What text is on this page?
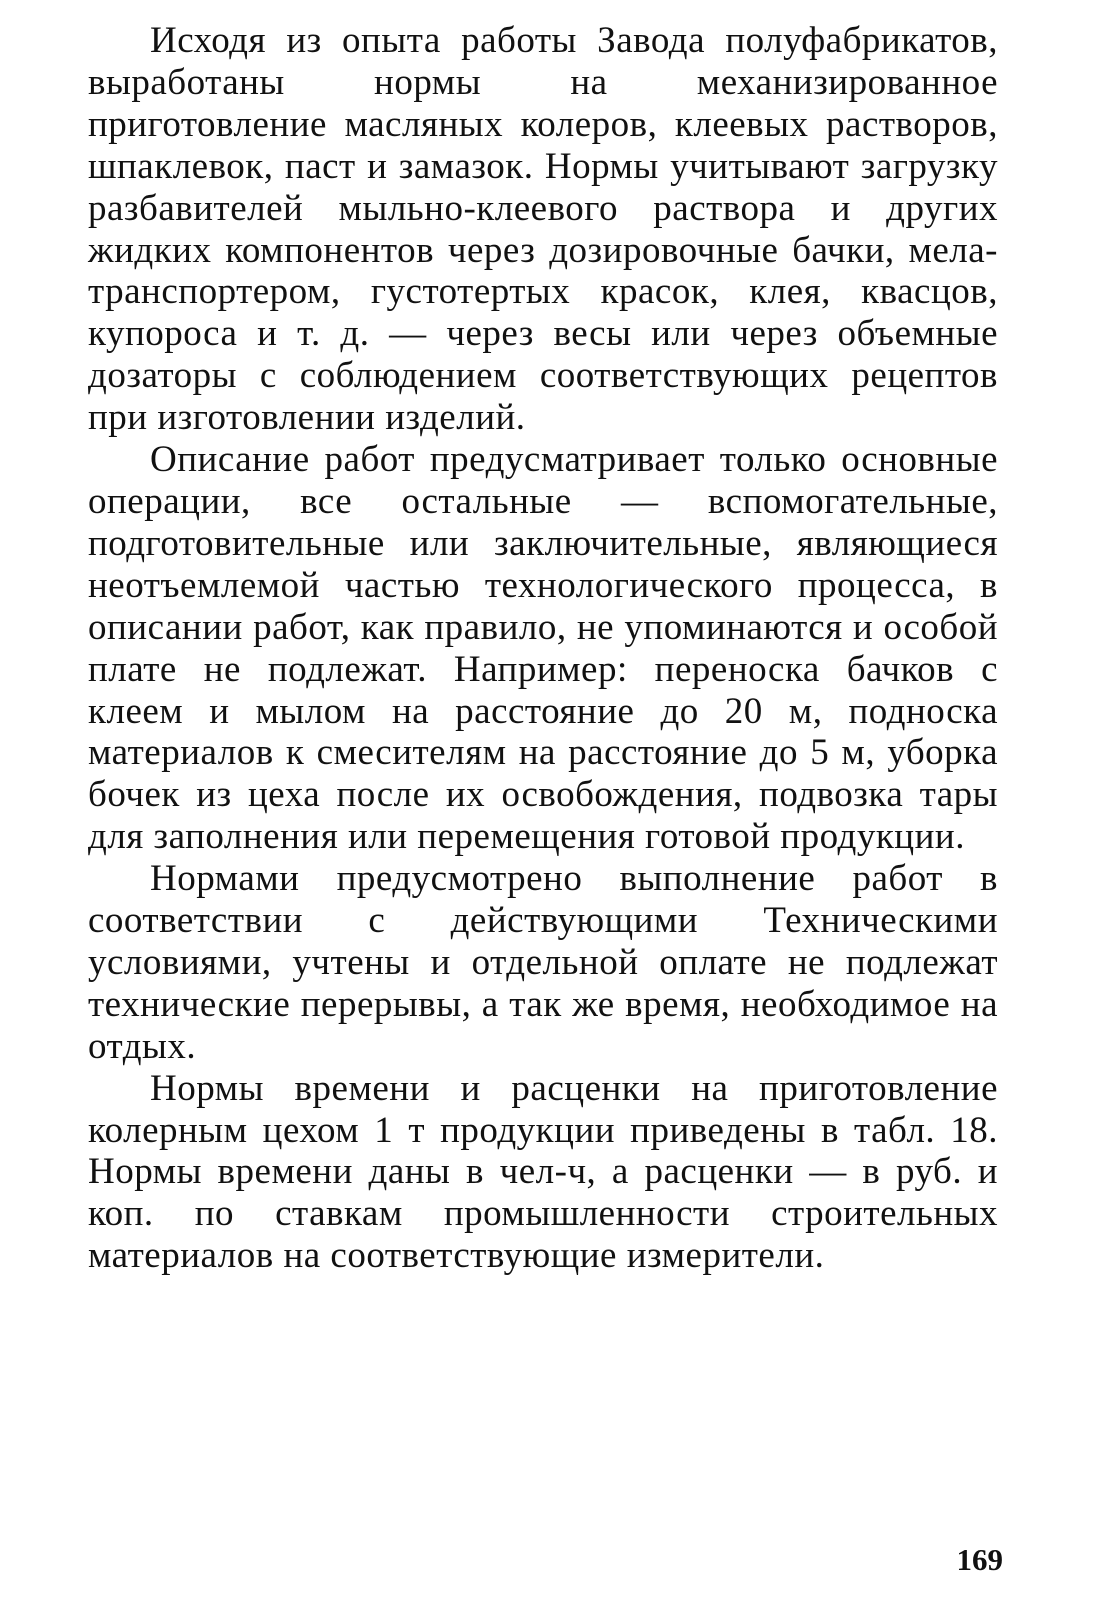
Исходя из опыта работы Завода полуфабрикатов, выработаны нормы на механизированное приготовление масляных колеров, клеевых растворов, шпаклевок, паст и замазок. Нормы учитывают загрузку разбавителей мыльно-клеевого раствора и других жидких компонентов через дозировочные бачки, мела-транспортером, густотертых красок, клея, квасцов, купороса и т. д. — через весы или через объемные дозаторы с соблюдением соответствующих рецептов при изготовлении изделий.

Описание работ предусматривает только основные операции, все остальные — вспомогательные, подготовительные или заключительные, являющиеся неотъемлемой частью технологического процесса, в описании работ, как правило, не упоминаются и особой плате не подлежат. Например: переноска бачков с клеем и мылом на расстояние до 20 м, подноска материалов к смесителям на расстояние до 5 м, уборка бочек из цеха после их освобождения, подвозка тары для заполнения или перемещения готовой продукции.

Нормами предусмотрено выполнение работ в соответствии с действующими Техническими условиями, учтены и отдельной оплате не подлежат технические перерывы, а так же время, необходимое на отдых.

Нормы времени и расценки на приготовление колерным цехом 1 т продукции приведены в табл. 18. Нормы времени даны в чел-ч, а расценки — в руб. и коп. по ставкам промышленности строительных материалов на соответствующие измерители.

169
